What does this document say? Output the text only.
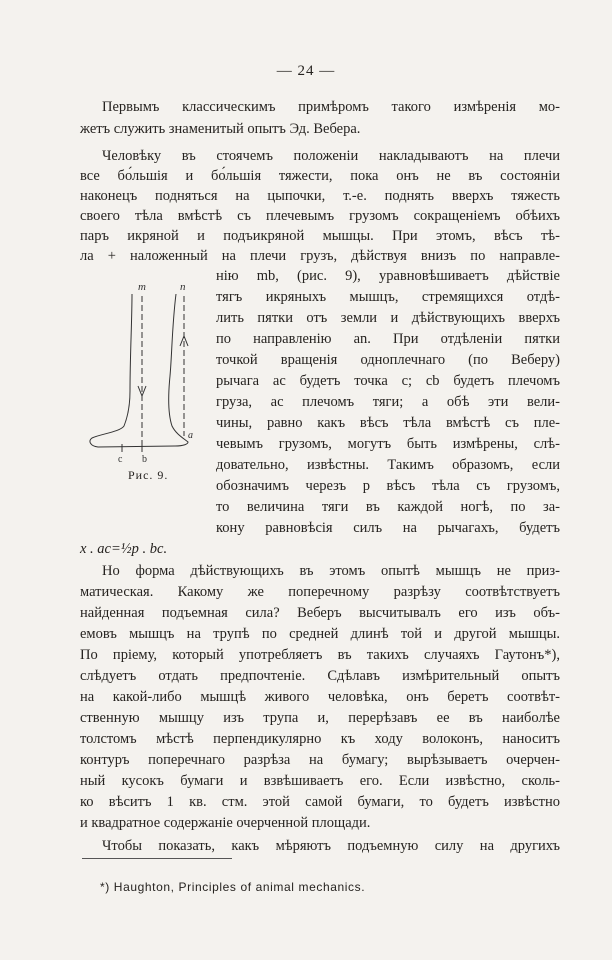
— 24 —
Первымъ классическимъ примѣромъ такого измѣренія мо-
жетъ служить знаменитый опытъ Эд. Вебера.
Человѣку въ стоячемъ положеніи накладываютъ на плечи
все бо́льшія и бо́льшія тяжести, пока онъ не въ состояніи
наконецъ подняться на цыпочки, т.-е. поднять вверхъ тяжесть
своего тѣла вмѣстѣ съ плечевымъ грузомъ сокращеніемъ обѣихъ
паръ икряной и подъикряной мышцы. При этомъ, вѣсъ тѣ-
ла + наложенный на плечи грузъ, дѣйствуя внизъ по направле-
нію mb, (рис. 9), уравновѣшиваетъ дѣйствіе
тягъ икряныхъ мышцъ, стремящихся отдѣ-
лить пятки отъ земли и дѣйствующихъ вверхъ
по направленію an. При отдѣленіи пятки
точкой вращенія одноплечнаго (по Веберу)
рычага ac будетъ точка c; cb будетъ плечомъ
груза, ac плечомъ тяги; а обѣ эти вели-
чины, равно какъ вѣсъ тѣла вмѣстѣ съ пле-
чевымъ грузомъ, могутъ быть измѣрены, слѣ-
довательно, извѣстны. Такимъ образомъ, если
обозначимъ черезъ p вѣсъ тѣла съ грузомъ,
то величина тяги въ каждой ногѣ, по за-
кону равновѣсія силъ на рычагахъ, будетъ
x . ac=½p . bc.
Но форма дѣйствующихъ въ этомъ опытѣ мышцъ не приз-
матическая. Какому же поперечному разрѣзу соотвѣтствуетъ
найденная подъемная сила? Веберъ высчитывалъ его изъ объ-
емовъ мышцъ на трупѣ по средней длинѣ той и другой мышцы.
По пріему, который употребляетъ въ такихъ случаяхъ Гаутонъ*),
слѣдуетъ отдать предпочтеніе. Сдѣлавъ измѣрительный опытъ
на какой-либо мышцѣ живого человѣка, онъ беретъ соотвѣт-
ственную мышцу изъ трупа и, перерѣзавъ ее въ наиболѣе
толстомъ мѣстѣ перпендикулярно къ ходу волоконъ, наноситъ
контуръ поперечнаго разрѣза на бумагу; вырѣзываетъ очерчен-
ный кусокъ бумаги и взвѣшиваетъ его. Если извѣстно, сколь-
ко вѣситъ 1 кв. стм. этой самой бумаги, то будетъ извѣстно
и квадратное содержаніе очерченной площади.
Чтобы показать, какъ мѣряютъ подъемную силу на другихъ
m	n
a
b
c
Рис. 9.
*) Haughton, Principles of animal mechanics.
